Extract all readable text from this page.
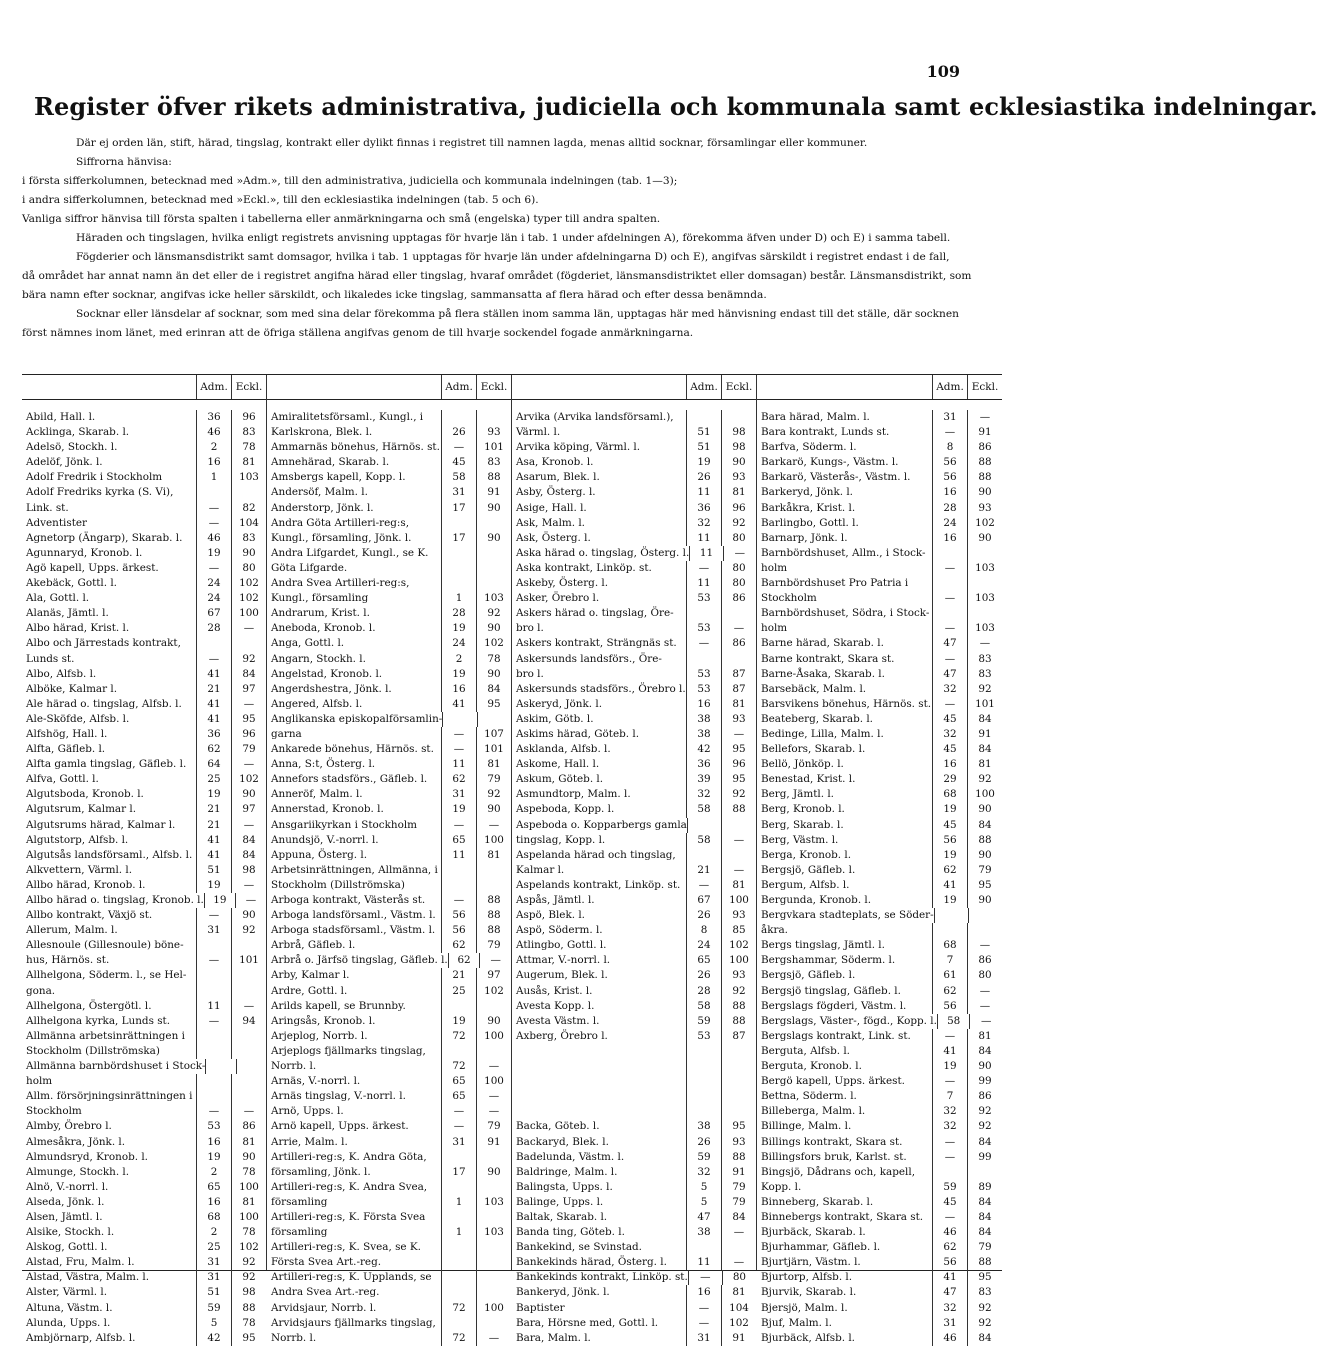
109
Register öfver rikets administrativa, judiciella och kommunala samt ecklesiastika indelningar.

Där ej orden län, stift, härad, tingslag, kontrakt eller dylikt finnas i registret till namnen lagda, menas alltid socknar, församlingar eller kommuner.

Siffrorna hänvisa:

i första sifferkolumnen, betecknad med »Adm.», till den administrativa, judiciella och kommunala indelningen (tab. 1—3);

i andra sifferkolumnen, betecknad med »Eckl.», till den ecklesiastika indelningen (tab. 5 och 6).

Vanliga siffror hänvisa till första spalten i tabellerna eller anmärkningarna och små (engelska) typer till andra spalten.

Häraden och tingslagen, hvilka enligt registrets anvisning upptagas för hvarje län i tab. 1 under afdelningen A), förekomma äfven under D) och E) i samma tabell.

Fögderier och länsmansdistrikt samt domsagor, hvilka i tab. 1 upptagas för hvarje län under afdelningarna D) och E), angifvas särskildt i registret endast i de fall,

då området har annat namn än det eller de i registret angifna härad eller tingslag, hvaraf området (fögderiet, länsmansdistriktet eller domsagan) består. Länsmansdistrikt, som

bära namn efter socknar, angifvas icke heller särskildt, och likaledes icke tingslag, sammansatta af flera härad och efter dessa benämnda.

Socknar eller länsdelar af socknar, som med sina delar förekomma på flera ställen inom samma län, upptagas här med hänvisning endast till det ställe, där socknen

först nämnes inom länet, med erinran att de öfriga ställena angifvas genom de till hvarje sockendel fogade anmärkningarna.

Adm. Eckl.
Abild, Hall. l.	36	96
Acklinga, Skarab. l.	46	83
Adelsö, Stockh. l.	2	78
Adelöf, Jönk. l.	16	81
Adolf Fredrik i Stockholm	1	103
Adolf Fredriks kyrka (S. Vi),
Link. st.	—	82
Adventister	—	104
Agnetorp (Ängarp), Skarab. l.	46	83
Agunnaryd, Kronob. l.	19	90
Agö kapell, Upps. ärkest.	—	80
Akebäck, Gottl. l.	24	102
Ala, Gottl. l.	24	102
Alanäs, Jämtl. l.	67	100
Albo härad, Krist. l.	28	—
Albo och Järrestads kontrakt,
Lunds st.	—	92
Albo, Alfsb. l.	41	84
Alböke, Kalmar l.	21	97
Ale härad o. tingslag, Alfsb. l.	41	—
Ale-Sköfde, Alfsb. l.	41	95
Alfshög, Hall. l.	36	96
Alfta, Gäfleb. l.	62	79
Alfta gamla tingslag, Gäfleb. l.	64	—
Alfva, Gottl. l.	25	102
Algutsboda, Kronob. l.	19	90
Algutsrum, Kalmar l.	21	97
Algutsrums härad, Kalmar l.	21	—
Algutstorp, Alfsb. l.	41	84
Algutsås landsförsaml., Alfsb. l.	41	84
Alkvettern, Värml. l.	51	98
Allbo härad, Kronob. l.	19	—
Allbo härad o. tingslag, Kronob. l. 19	—
Allbo kontrakt, Växjö st.	—	90
Allerum, Malm. l.	31	92
Allesnoule (Gillesnoule) böne-
hus, Härnös. st.	—	101
Allhelgona, Söderm. l., se Hel-
gona.
Allhelgona, Östergötl. l.	11	—
Allhelgona kyrka, Lunds st.	—	94
Allmänna arbetsinrättningen i
Stockholm (Dillströmska)
Allmänna barnbördshuset i Stock-
holm
Allm. försörjningsinrättningen i
Stockholm	—	—
Almby, Örebro l.	53	86
Almesåkra, Jönk. l.	16	81
Almundsryd, Kronob. l.	19	90
Almunge, Stockh. l.	2	78
Alnö, V.-norrl. l.	65	100
Alseda, Jönk. l.	16	81
Alsen, Jämtl. l.	68	100
Alsike, Stockh. l.	2	78
Alskog, Gottl. l.	25	102
Alstad, Fru, Malm. l.	31	92
Alstad, Västra, Malm. l.	31	92
Alster, Värml. l.	51	98
Altuna, Västm. l.	59	88
Alunda, Upps. l.	5	78
Ambjörnarp, Alfsb. l.	42	95
Adm. Eckl.
Amiralitetsförsaml., Kungl., i
Karlskrona, Blek. l.	26	93
Ammarnäs bönehus, Härnös. st.	—	101
Amnehärad, Skarab. l.	45	83
Amsbergs kapell, Kopp. l.	58	88
Andersöf, Malm. l.	31	91
Anderstorp, Jönk. l.	17	90
Andra Göta Artilleri-reg:s,
Kungl., församling, Jönk. l.	17	90
Andra Lifgardet, Kungl., se K.
Göta Lifgarde.
Andra Svea Artilleri-reg:s,
Kungl., församling	1	103
Andrarum, Krist. l.	28	92
Aneboda, Kronob. l.	19	90
Anga, Gottl. l.	24	102
Angarn, Stockh. l.	2	78
Angelstad, Kronob. l.	19	90
Angerdshestra, Jönk. l.	16	84
Angered, Alfsb. l.	41	95
Anglikanska episkopalförsamlin-
garna	—	107
Ankarede bönehus, Härnös. st.	—	101
Anna, S:t, Österg. l.	11	81
Annefors stadsförs., Gäfleb. l.	62	79
Anneröf, Malm. l.	31	92
Annerstad, Kronob. l.	19	90
Ansgariikyrkan i Stockholm	—	—
Anundsjö, V.-norrl. l.	65	100
Appuna, Österg. l.	11	81
Arbetsinrättningen, Allmänna, i
Stockholm (Dillströmska)
Arboga kontrakt, Västerås st.	—	88
Arboga landsförsaml., Västm. l.	56	88
Arboga stadsförsaml., Västm. l.	56	88
Arbrå, Gäfleb. l.	62	79
Arbrå o. Järfsö tingslag, Gäfleb. l. 62	—
Arby, Kalmar l.	21	97
Ardre, Gottl. l.	25	102
Arilds kapell, se Brunnby.
Aringsås, Kronob. l.	19	90
Arjeplog, Norrb. l.	72	100
Arjeplogs fjällmarks tingslag,
Norrb. l.	72	—
Arnäs, V.-norrl. l.	65	100
Arnäs tingslag, V.-norrl. l.	65	—
Arnö, Upps. l.	—	—
Arnö kapell, Upps. ärkest.	—	79
Arrie, Malm. l.	31	91
Artilleri-reg:s, K. Andra Göta,
församling, Jönk. l.	17	90
Artilleri-reg:s, K. Andra Svea,
församling	1	103
Artilleri-reg:s, K. Första Svea
församling	1	103
Artilleri-reg:s, K. Svea, se K.
Första Svea Art.-reg.
Artilleri-reg:s, K. Upplands, se
Andra Svea Art.-reg.
Arvidsjaur, Norrb. l.	72	100
Arvidsjaurs fjällmarks tingslag,
Norrb. l.	72	—
Adm. Eckl.
Arvika (Arvika landsförsaml.),
Värml. l.	51	98
Arvika köping, Värml. l.	51	98
Asa, Kronob. l.	19	90
Asarum, Blek. l.	26	93
Asby, Österg. l.	11	81
Asige, Hall. l.	36	96
Ask, Malm. l.	32	92
Ask, Österg. l.	11	80
Aska härad o. tingslag, Österg. l.	11	—
Aska kontrakt, Linköp. st.	—	80
Askeby, Österg. l.	11	80
Asker, Örebro l.	53	86
Askers härad o. tingslag, Öre-
bro l.	53	—
Askers kontrakt, Strängnäs st.	—	86
Askersunds landsförs., Öre-
bro l.	53	87
Askersunds stadsförs., Örebro l.	53	87
Askeryd, Jönk. l.	16	81
Askim, Götb. l.	38	93
Askims härad, Göteb. l.	38	—
Asklanda, Alfsb. l.	42	95
Askome, Hall. l.	36	96
Askum, Göteb. l.	39	95
Asmundtorp, Malm. l.	32	92
Aspeboda, Kopp. l.	58	88
Aspeboda o. Kopparbergs gamla
tingslag, Kopp. l.	58	—
Aspelanda härad och tingslag,
Kalmar l.	21	—
Aspelands kontrakt, Linköp. st.	—	81
Aspås, Jämtl. l.	67	100
Aspö, Blek. l.	26	93
Aspö, Söderm. l.	8	85
Atlingbo, Gottl. l.	24	102
Attmar, V.-norrl. l.	65	100
Augerum, Blek. l.	26	93
Ausås, Krist. l.	28	92
Avesta Kopp. l.	58	88
Avesta Västm. l.	59	88
Axberg, Örebro l.	53	87
Backa, Göteb. l.	38	95
Backaryd, Blek. l.	26	93
Badelunda, Västm. l.	59	88
Baldringe, Malm. l.	32	91
Balingsta, Upps. l.	5	79
Balinge, Upps. l.	5	79
Baltak, Skarab. l.	47	84
Banda ting, Göteb. l.	38	—
Bankekind, se Svinstad.
Bankekinds härad, Österg. l.	11	—
Bankekinds kontrakt, Linköp. st.	—	80
Bankeryd, Jönk. l.	16	81
Baptister	—	104
Bara, Hörsne med, Gottl. l.	—	102
Bara, Malm. l.	31	91
Adm. Eckl.
Bara härad, Malm. l.	31	—
Bara kontrakt, Lunds st.	—	91
Barfva, Söderm. l.	8	86
Barkarö, Kungs-, Västm. l.	56	88
Barkarö, Västerås-, Västm. l.	56	88
Barkeryd, Jönk. l.	16	90
Barkåkra, Krist. l.	28	93
Barlingbo, Gottl. l.	24	102
Barnarp, Jönk. l.	16	90
Barnbördshuset, Allm., i Stock-
holm	—	103
Barnbördshuset Pro Patria i
Stockholm	—	103
Barnbördshuset, Södra, i Stock-
holm	—	103
Barne härad, Skarab. l.	47	—
Barne kontrakt, Skara st.	—	83
Barne-Åsaka, Skarab. l.	47	83
Barsebäck, Malm. l.	32	92
Barsvikens bönehus, Härnös. st.	—	101
Beateberg, Skarab. l.	45	84
Bedinge, Lilla, Malm. l.	32	91
Bellefors, Skarab. l.	45	84
Bellö, Jönköp. l.	16	81
Benestad, Krist. l.	29	92
Berg, Jämtl. l.	68	100
Berg, Kronob. l.	19	90
Berg, Skarab. l.	45	84
Berg, Västm. l.	56	88
Berga, Kronob. l.	19	90
Bergsjö, Gäfleb. l.	62	79
Bergum, Alfsb. l.	41	95
Bergunda, Kronob. l.	19	90
Bergvkara stadteplats, se Söder-
åkra.
Bergs tingslag, Jämtl. l.	68	—
Bergshammar, Söderm. l.	7	86
Bergsjö, Gäfleb. l.	61	80
Bergsjö tingslag, Gäfleb. l.	62	—
Bergslags fögderi, Västm. l.	56	—
Bergslags, Väster-, fögd., Kopp. l. 58	—
Bergslags kontrakt, Link. st.	—	81
Berguta, Alfsb. l.	41	84
Berguta, Kronob. l.	19	90
Bergö kapell, Upps. ärkest.	—	99
Bettna, Söderm. l.	7	86
Billeberga, Malm. l.	32	92
Billinge, Malm. l.	32	92
Billings kontrakt, Skara st.	—	84
Billingsfors bruk, Karlst. st.	—	99
Bingsjö, Dådrans och, kapell,
Kopp. l.	59	89
Binneberg, Skarab. l.	45	84
Binnebergs kontrakt, Skara st.	—	84
Bjurbäck, Skarab. l.	46	84
Bjurhammar, Gäfleb. l.	62	79
Bjurtjärn, Västm. l.	56	88
Bjurtorp, Alfsb. l.	41	95
Bjurvik, Skarab. l.	47	83
Bjersjö, Malm. l.	32	92
Bjuf, Malm. l.	31	92
Bjurbäck, Alfsb. l.	46	84
